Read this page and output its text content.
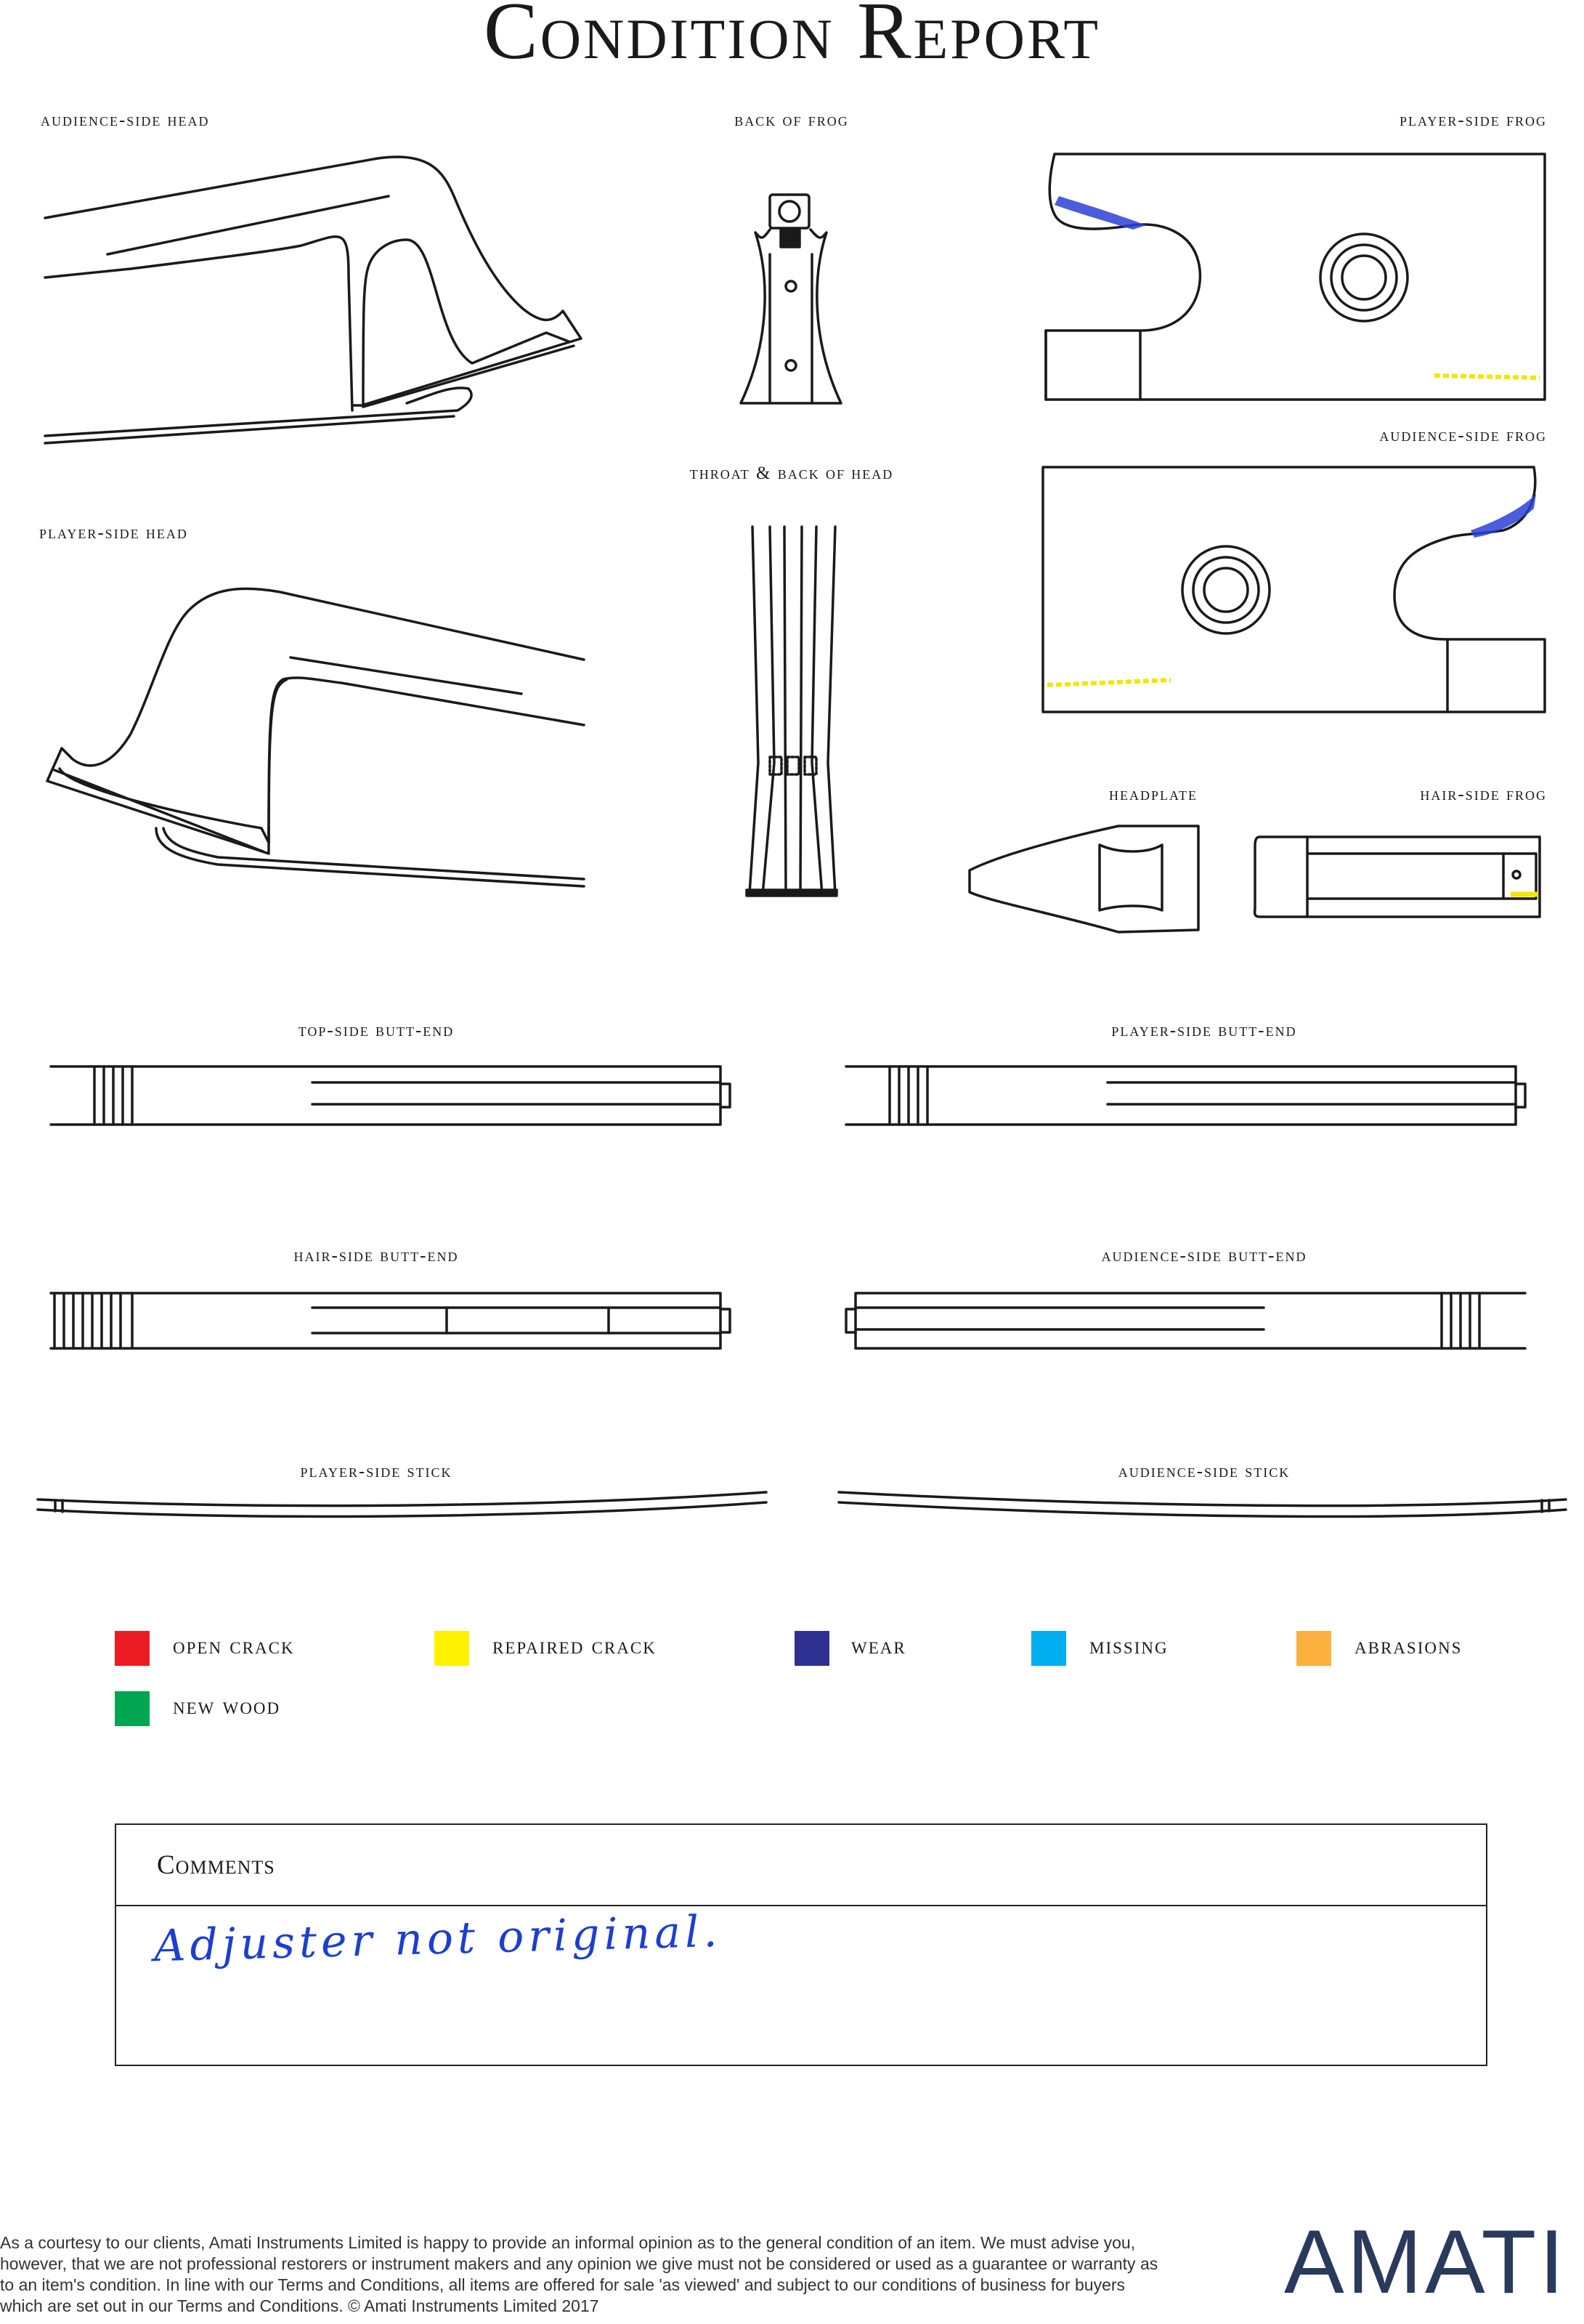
Condition Report
audience-side head	back of frog	player-side frog
audience-side frog
throat & back of head
player-side head
headplate	hair-side frog
top-side butt-end	player-side butt-end
hair-side butt-end	audience-side butt-end
player-side stick	audience-side stick
open crack	repaired crack	wear	missing	abrasions
new wood
Comments
Adjuster not original.
As a courtesy to our clients, Amati Instruments Limited is happy to provide an informal opinion as to the general condition of an item. We must advise you, however, that we are not professional restorers or instrument makers and any opinion we give must not be considered or used as a guarantee or warranty as to an item's condition. In line with our Terms and Conditions, all items are offered for sale 'as viewed' and subject to our conditions of business for buyers which are set out in our Terms and Conditions. © Amati Instruments Limited 2017	AMATI
